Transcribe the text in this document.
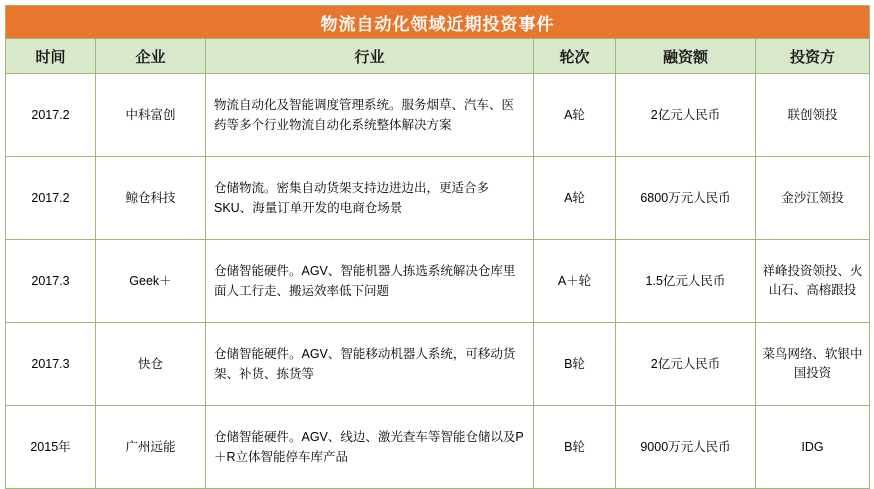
物流自动化领域近期投资事件					
时间	企业	行业	轮次	融资额	投资方
2017.2	中科富创	物流自动化及智能调度管理系统。服务烟草、汽车、医药等多个行业物流自动化系统整体解决方案	A轮	2亿元人民币	联创领投
2017.2	鲸仓科技	仓储物流。密集自动货架支持边进边出，更适合多SKU、海量订单开发的电商仓场景	A轮	6800万元人民币	金沙江领投
2017.3	Geek＋	仓储智能硬件。AGV、智能机器人拣选系统解决仓库里面人工行走、搬运效率低下问题	A＋轮	1.5亿元人民币	祥峰投资领投、火山石、高榕跟投
2017.3	快仓	仓储智能硬件。AGV、智能移动机器人系统，可移动货架、补货、拣货等	B轮	2亿元人民币	菜鸟网络、软银中国投资
2015年	广州远能	仓储智能硬件。AGV、线边、激光查车等智能仓储以及P＋R立体智能停车库产品	B轮	9000万元人民币	IDG
